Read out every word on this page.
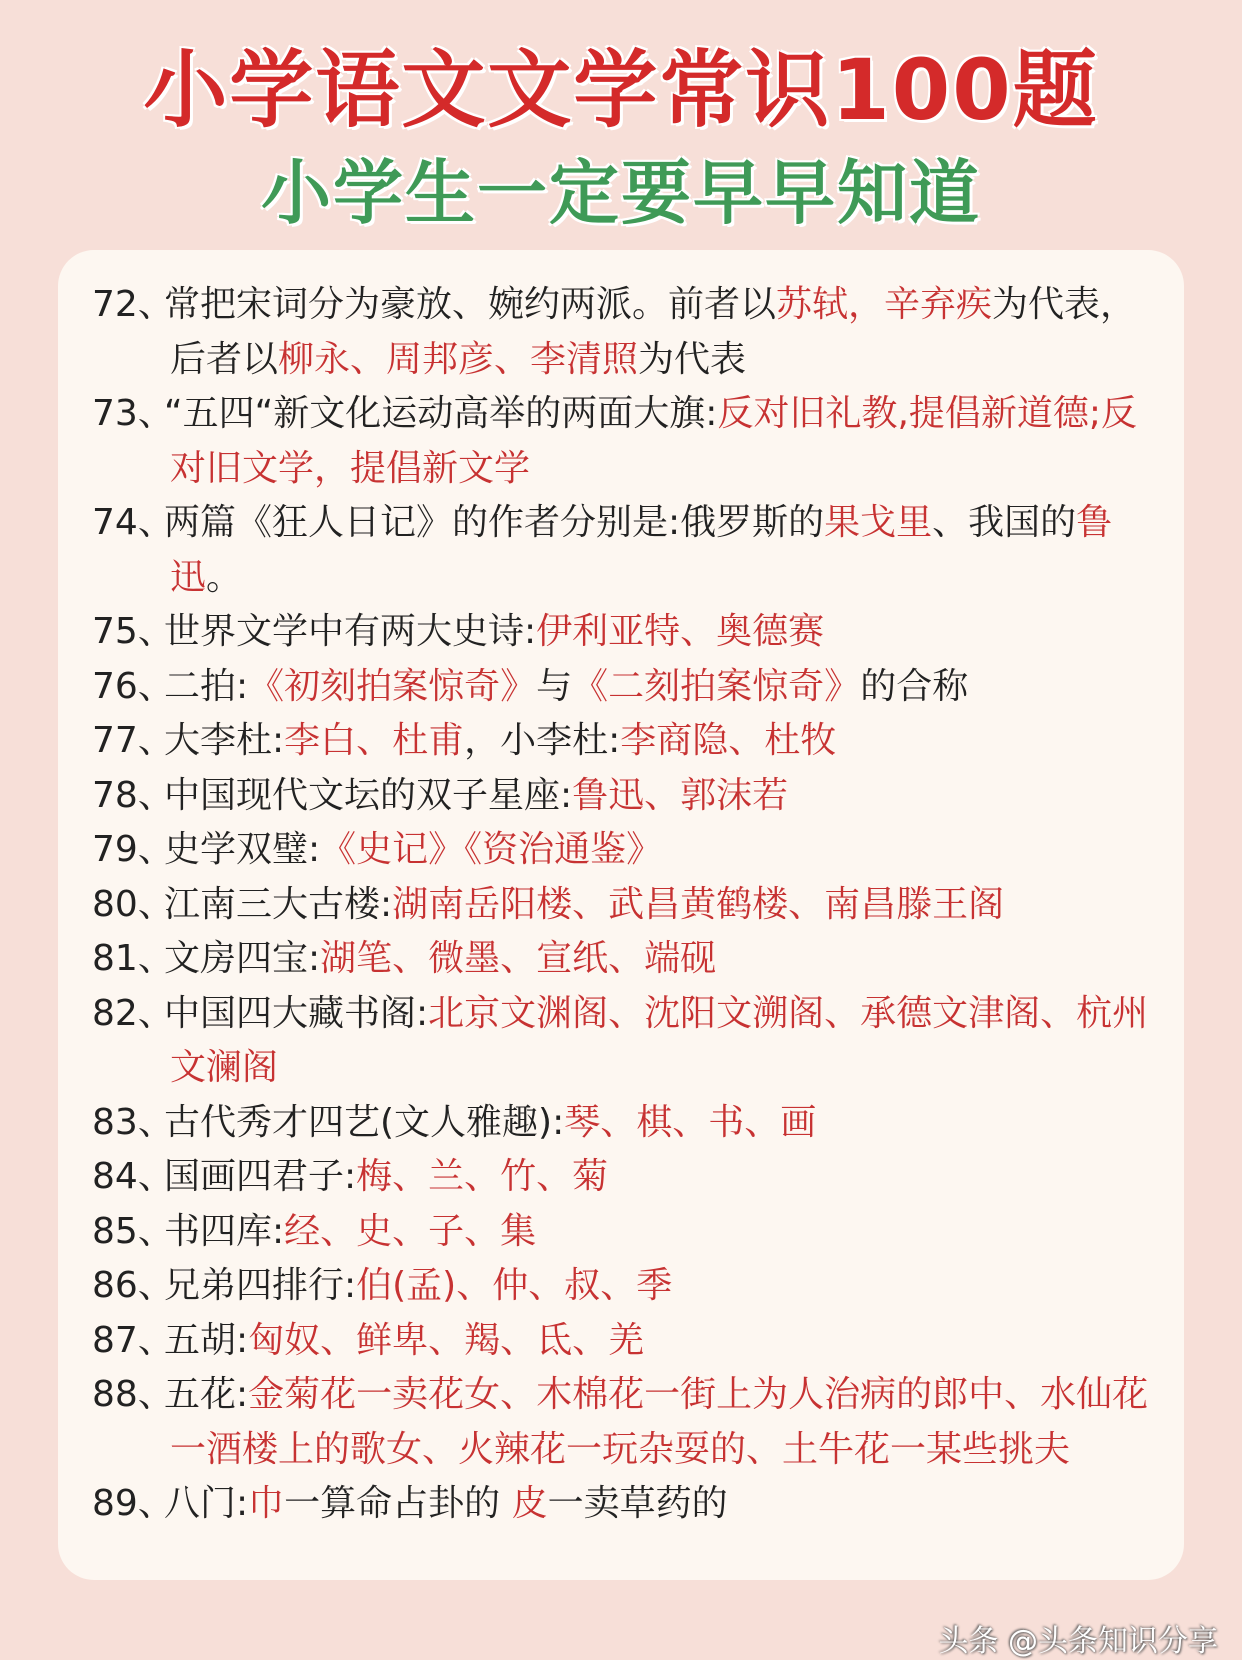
小学语文文学常识100题
小学生一定要早早知道
72、常把宋词分为豪放、婉约两派。前者以苏轼，辛弃疾为代表，后者以柳永、周邦彦、李清照为代表
73、“五四“新文化运动高举的两面大旗:反对旧礼教,提倡新道德;反对旧文学，提倡新文学
74、两篇《狂人日记》的作者分别是:俄罗斯的果戈里、我国的鲁迅。
75、世界文学中有两大史诗:伊利亚特、奥德赛
76、二拍:《初刻拍案惊奇》与《二刻拍案惊奇》的合称
77、大李杜:李白、杜甫，小李杜:李商隐、杜牧
78、中国现代文坛的双子星座:鲁迅、郭沫若
79、史学双璧:《史记》《资治通鉴》
80、江南三大古楼:湖南岳阳楼、武昌黄鹤楼、南昌滕王阁
81、文房四宝:湖笔、微墨、宣纸、端砚
82、中国四大藏书阁:北京文渊阁、沈阳文溯阁、承德文津阁、杭州文澜阁
83、古代秀才四艺(文人雅趣):琴、棋、书、画
84、国画四君子:梅、兰、竹、菊
85、书四库:经、史、子、集
86、兄弟四排行:伯(孟)、仲、叔、季
87、五胡:匈奴、鲜卑、羯、氐、羌
88、五花:金菊花一卖花女、木棉花一街上为人治病的郎中、水仙花一酒楼上的歌女、火辣花一玩杂耍的、土牛花一某些挑夫
89、八门:巾一算命占卦的 皮一卖草药的
头条 @头条知识分享
